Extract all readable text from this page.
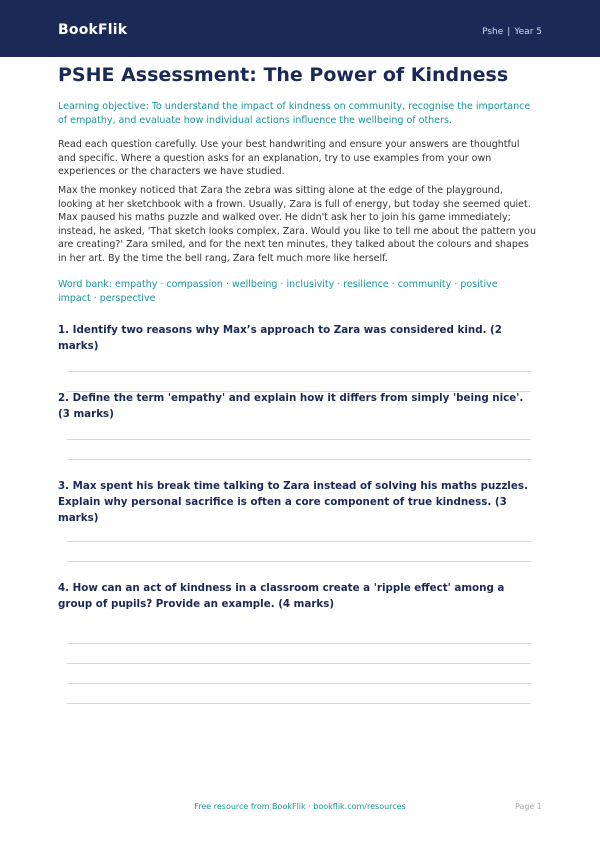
BookFlik	Pshe | Year 5
PSHE Assessment: The Power of Kindness

Learning objective: To understand the impact of kindness on community, recognise the importance of empathy, and evaluate how individual actions influence the wellbeing of others.

Read each question carefully. Use your best handwriting and ensure your answers are thoughtful and specific. Where a question asks for an explanation, try to use examples from your own experiences or the characters we have studied.

Max the monkey noticed that Zara the zebra was sitting alone at the edge of the playground, looking at her sketchbook with a frown. Usually, Zara is full of energy, but today she seemed quiet. Max paused his maths puzzle and walked over. He didn't ask her to join his game immediately; instead, he asked, 'That sketch looks complex, Zara. Would you like to tell me about the pattern you are creating?' Zara smiled, and for the next ten minutes, they talked about the colours and shapes in her art. By the time the bell rang, Zara felt much more like herself.

Word bank: empathy · compassion · wellbeing · inclusivity · resilience · community · positive impact · perspective

1. Identify two reasons why Max’s approach to Zara was considered kind. (2 marks)

2. Define the term 'empathy' and explain how it differs from simply 'being nice'. (3 marks)

3. Max spent his break time talking to Zara instead of solving his maths puzzles. Explain why personal sacrifice is often a core component of true kindness. (3 marks)

4. How can an act of kindness in a classroom create a 'ripple effect' among a group of pupils? Provide an example. (4 marks)

Free resource from BookFlik · bookflik.com/resources	Page 1
